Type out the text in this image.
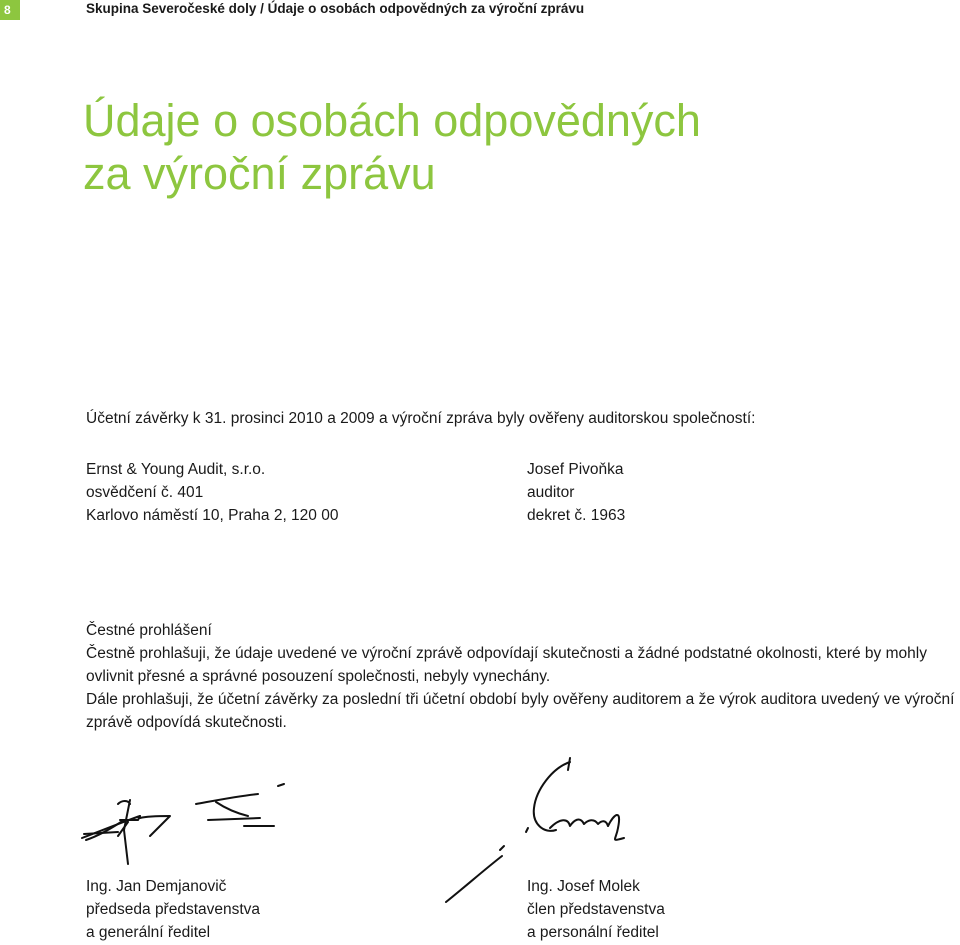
8	Skupina Severočeské doly / Údaje o osobách odpovědných za výroční zprávu
Údaje o osobách odpovědných
za výroční zprávu
Účetní závěrky k 31. prosinci 2010 a 2009 a výroční zpráva byly ověřeny auditorskou společností:
Ernst & Young Audit, s.r.o.
osvědčení č. 401
Karlovo náměstí 10, Praha 2, 120 00
Josef Pivoňka
auditor
dekret č. 1963

Čestné prohlášení

Čestně prohlašuji, že údaje uvedené ve výroční zprávě odpovídají skutečnosti a žádné podstatné okolnosti, které by mohly ovlivnit přesné a správné posouzení společnosti, nebyly vynechány.

Dále prohlašuji, že účetní závěrky za poslední tři účetní období byly ověřeny auditorem a že výrok auditora uvedený ve výroční zprávě odpovídá skutečnosti.

Ing. Jan Demjanovič
předseda představenstva
a generální ředitel
Ing. Josef Molek
člen představenstva
a personální ředitel
